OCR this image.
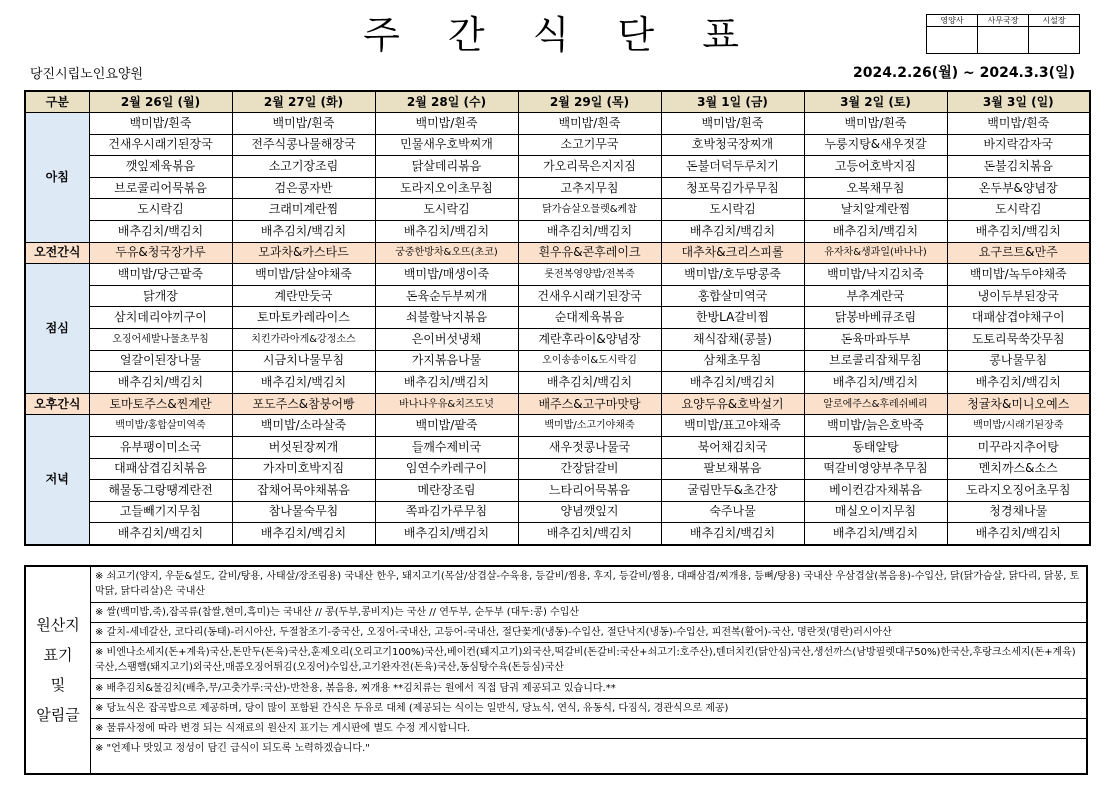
주 간 식 단 표	영양사	사무국장	시설장

당진시립노인요양원	2024.2.26(월) ~ 2024.3.3(일)
구분	2월 26일 (월)	2월 27일 (화)	2월 28일 (수)	2월 29일 (목)	3월 1일 (금)	3월 2일 (토)	3월 3일 (일)
아침	백미밥/흰죽	백미밥/흰죽	백미밥/흰죽	백미밥/흰죽	백미밥/흰죽	백미밥/흰죽	백미밥/흰죽
	건새우시래기된장국	전주식콩나물해장국	민물새우호박찌개	소고기무국	호박청국장찌개	누룽지탕&새우젓갈	바지락감자국
	깻잎제육볶음	소고기장조림	닭살데리볶음	가오리묵은지지짐	돈불더덕두루치기	고등어호박지짐	돈불김치볶음
	브로콜리어묵볶음	검은콩자반	도라지오이초무침	고추지무침	청포묵김가루무침	오복채무침	온두부&양념장
	도시락김	크래미계란찜	도시락김	닭가슴살오믈렛&케찹	도시락김	날치알계란찜	도시락김
	배추김치/백김치	배추김치/백김치	배추김치/백김치	배추김치/백김치	배추김치/백김치	배추김치/백김치	배추김치/백김치
오전간식	두유&청국장가루	모과차&카스타드	궁중한방차&오뜨(초코)	흰우유&콘후레이크	대추차&크리스피롤	유자차&생과일(바나나)	요구르트&만주
점심	백미밥/당근팥죽	백미밥/닭살야채죽	백미밥/매생이죽	롯전복영양밥/전복죽	백미밥/호두땅콩죽	백미밥/낙지김치죽	백미밥/녹두야채죽
	닭개장	계란만둣국	돈육순두부찌개	건새우시래기된장국	홍합살미역국	부추계란국	냉이두부된장국
	삼치데리야끼구이	토마토카레라이스	쇠불할낙지볶음	순대제육볶음	한방LA갈비찜	닭봉바베큐조림	대패삼겹야채구이
	오징어세발나물초무침	치킨가라아게&강정소스	은이버섯냉채	계란후라이&양념장	채식잡채(콩불)	돈육마파두부	도토리묵쑥갓무침
	얼갈이된장나물	시금치나물무침	가지볶음나물	오이송송이&도시락김	삼채초무침	브로콜리잡채무침	콩나물무침
	배추김치/백김치	배추김치/백김치	배추김치/백김치	배추김치/백김치	배추김치/백김치	배추김치/백김치	배추김치/백김치
오후간식	토마토주스&찐계란	포도주스&참붕어빵	바나나우유&치즈도넛	배주스&고구마맛탕	요양두유&호박설기	알로에주스&후레쉬베리	청귤차&미니오예스
저녁	백미밥/홍합살미역죽	백미밥/소라살죽	백미밥/팥죽	백미밥/소고기야채죽	백미밥/표고야채죽	백미밥/늙은호박죽	백미밥/시래기된장죽
	유부팽이미소국	버섯된장찌개	들깨수제비국	새우젓콩나물국	북어채김치국	동태알탕	미꾸라지추어탕
	대패삼겹김치볶음	가자미호박지짐	임연수카레구이	간장닭갈비	팔보채볶음	떡갈비영양부추무침	멘치까스&소스
	해물동그랑땡계란전	잡채어묵야채볶음	메란장조림	느타리어묵볶음	굴림만두&초간장	베이컨감자채볶음	도라지오징어초무침
	고들빼기지무침	참나물숙무침	쪽파김가루무침	양념깻잎지	숙주나물	매실오이지무침	청경채나물
	배추김치/백김치	배추김치/백김치	배추김치/백김치	배추김치/백김치	배추김치/백김치	배추김치/백김치	배추김치/백김치
원산지
표기
및
알림글
※ 쇠고기(양지, 우둔&설도, 갈비/탕용, 사태살/장조림용) 국내산 한우, 돼지고기(목살/삼겹살-수육용, 등갈비/찜용, 후지, 등갈비/찜용, 대패삼겹/찌개용, 등뼈/탕용) 국내산 우삼겹살(볶음용)-수입산, 닭(닭가슴살, 닭다리, 닭봉, 토막닭, 닭다리살)은 국내산
※ 쌀(백미밥,죽),잡곡류(찹쌀,현미,흑미)는 국내산 // 콩(두부,콩비지)는 국산 // 연두부, 순두부 (대두:콩) 수입산
※ 갈치-세네갈산, 코다리(동태)-러시아산, 두절참조기-중국산, 오징어-국내산, 고등어-국내산, 절단꽃게(냉동)-수입산, 절단낙지(냉동)-수입산, 피전복(활어)-국산, 명란젓(명란)러시아산
※ 비엔나소세지(돈+계육)국산,돈만두(돈육)국산,훈제오리(오리고기100%)국산,베이컨(돼지고기)외국산,떡갈비(돈갈비:국산+쇠고기:호주산),텐더치킨(닭안심)국산,생선까스(남방필렛대구50%)한국산,후랑크소세지(돈+계육)국산,스팸햄(돼지고기)외국산,매콤오징어튀김(오징어)수입산,고기완자전(돈육)국산,동심탕수육(돈등심)국산
※ 배추김치&물김치(배추,무/고춧가루:국산)-반찬용, 볶음용, 찌개용 **김치류는 원에서 직접 담궈 제공되고 있습니다.**
※ 당뇨식은 잡곡밥으로 제공하며, 당이 많이 포함된 간식은 두유로 대체 (제공되는 식이는 일반식, 당뇨식, 연식, 유동식, 다짐식, 경관식으로 제공)
※ 물류사정에 따라 변경 되는 식재료의 원산지 표기는 게시판에 별도 수정 게시합니다.
※ "언제나 맛있고 정성이 담긴 급식이 되도록 노력하겠습니다."
